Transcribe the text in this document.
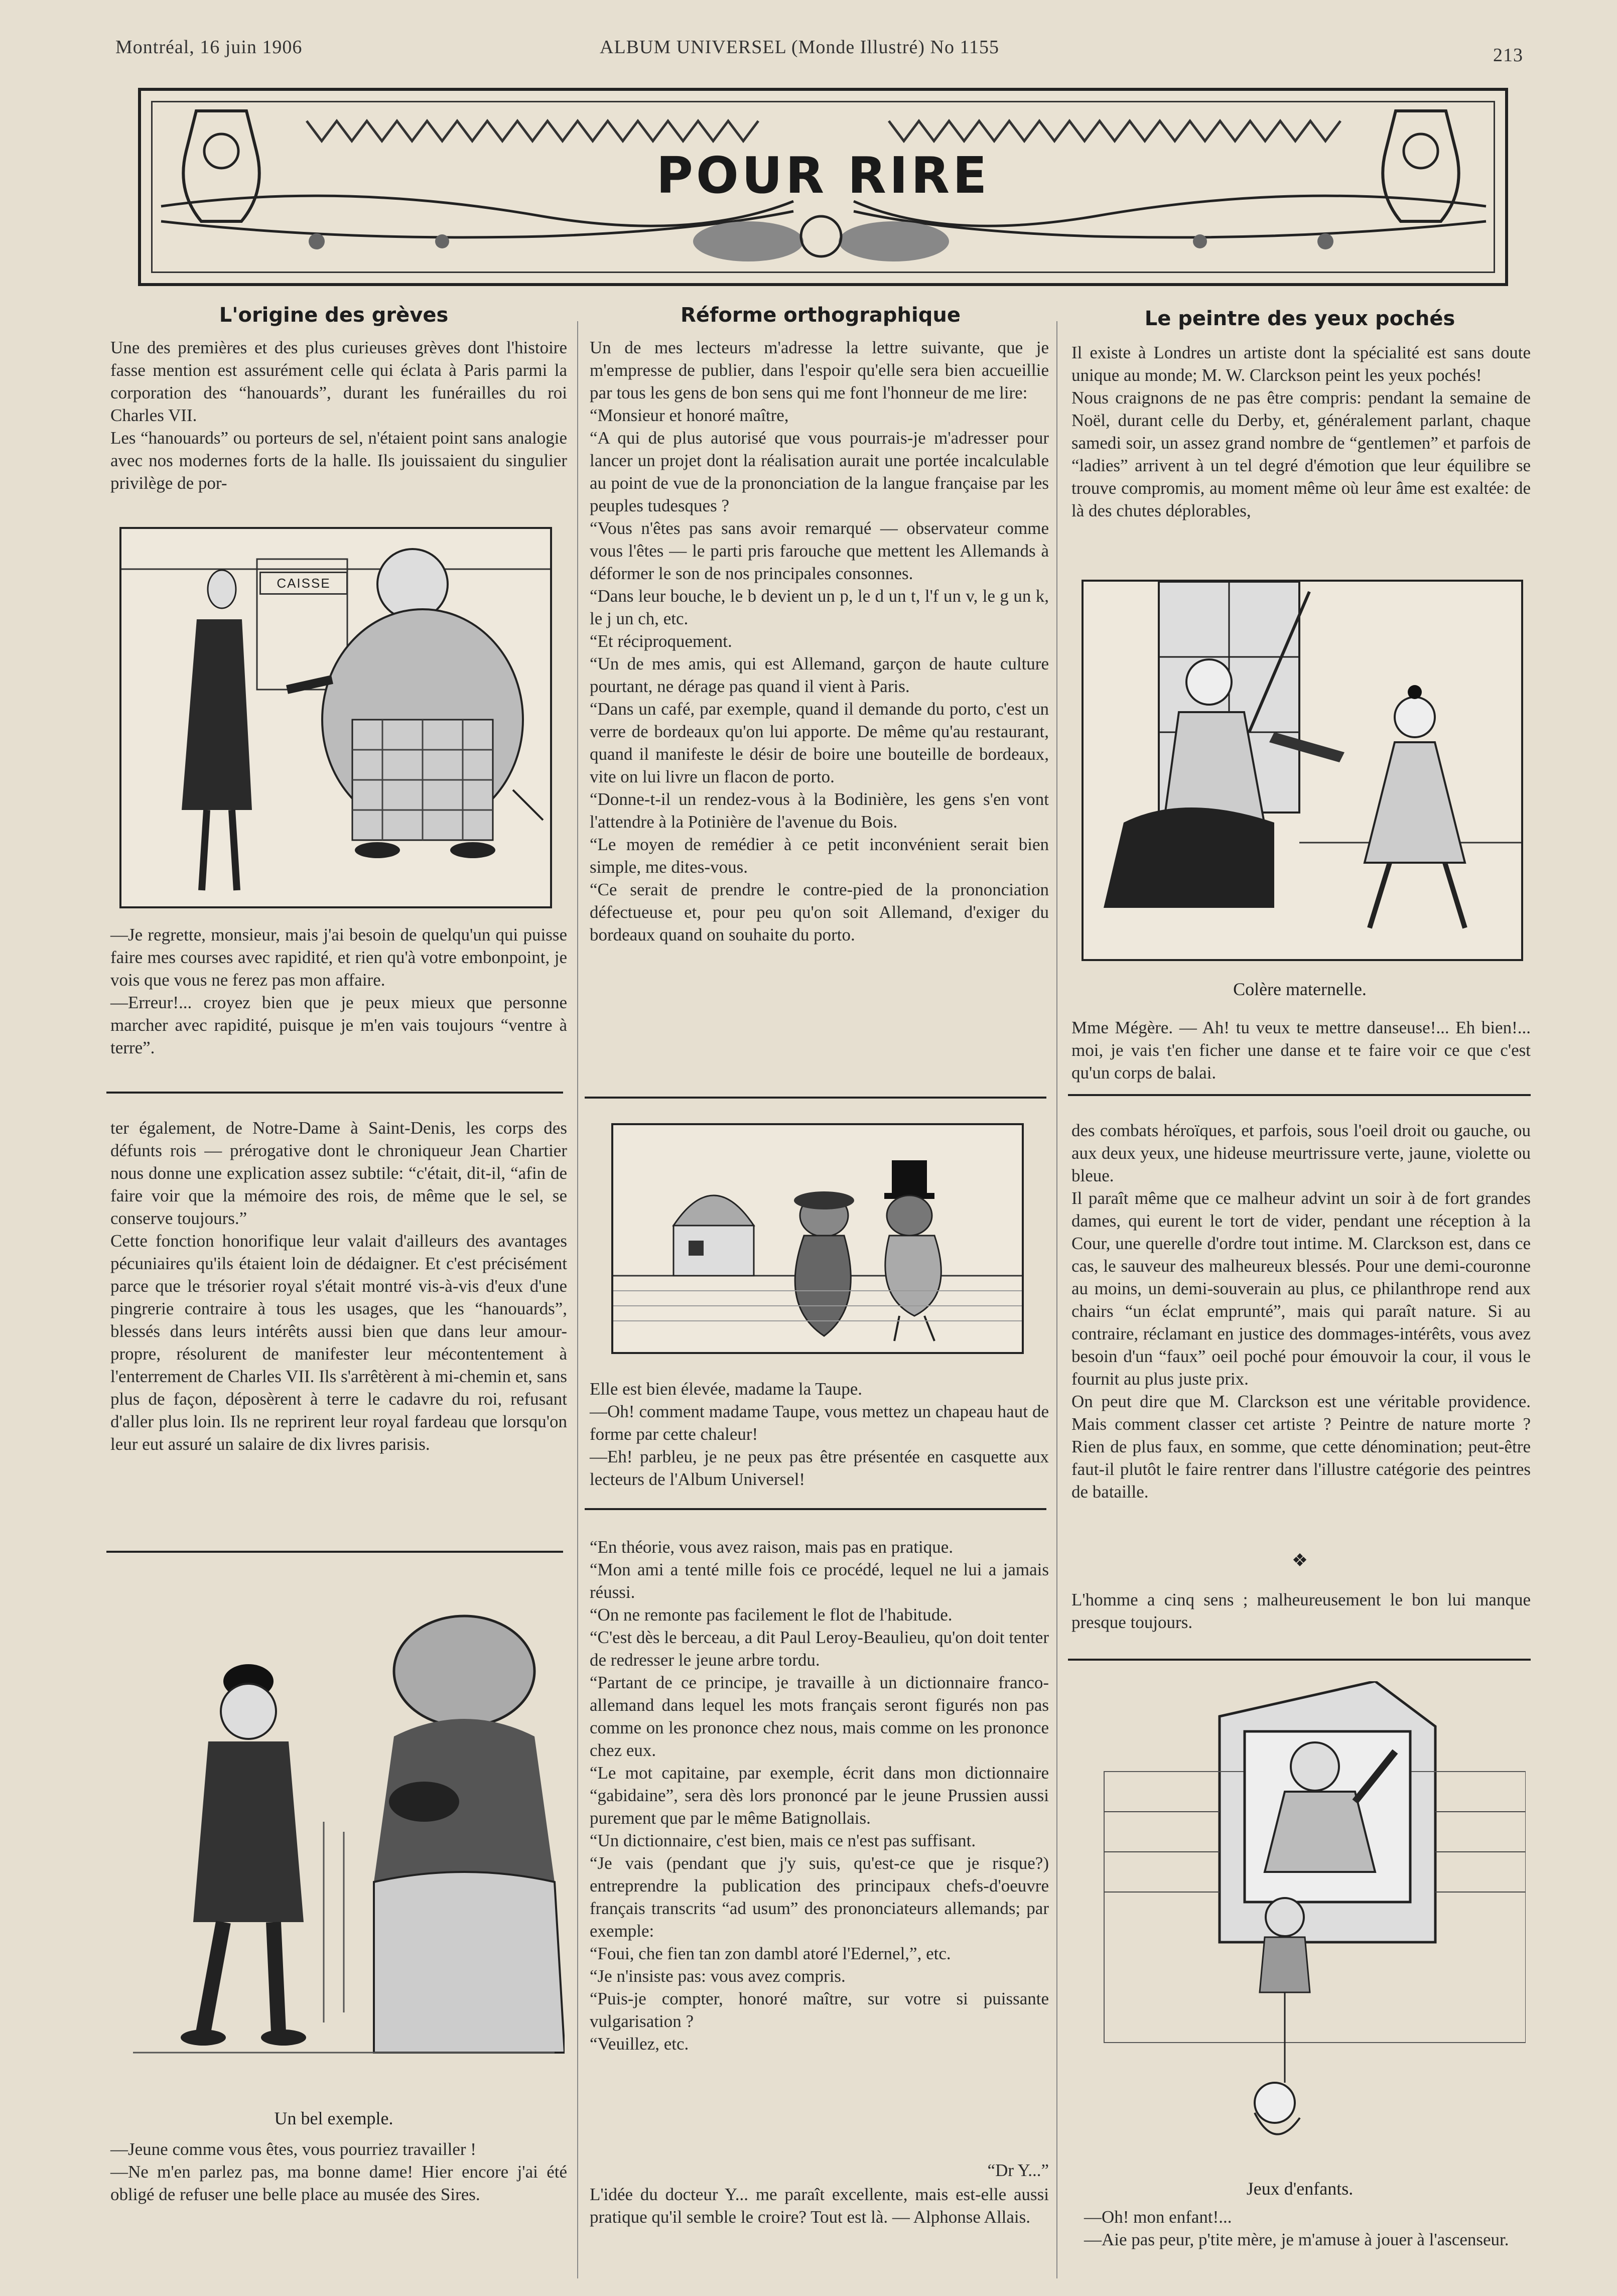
Montréal, 16 juin 1906	ALBUM UNIVERSEL (Monde Illustré) No 1155	213
POUR RIRE
L'origine des grèves
Une des premières et des plus curieuses grèves dont l'histoire fasse mention est assurément celle qui éclata à Paris parmi la corporation des “hanouards”, durant les funérailles du roi Charles VII.
Les “hanouards” ou porteurs de sel, n'étaient point sans analogie avec nos modernes forts de la halle. Ils jouissaient du singulier privilège de por-
CAISSE
—Je regrette, monsieur, mais j'ai besoin de quelqu'un qui puisse faire mes courses avec rapidité, et rien qu'à votre embonpoint, je vois que vous ne ferez pas mon affaire.
—Erreur!... croyez bien que je peux mieux que personne marcher avec rapidité, puisque je m'en vais toujours “ventre à terre”.
ter également, de Notre-Dame à Saint-Denis, les corps des défunts rois — prérogative dont le chroniqueur Jean Chartier nous donne une explication assez subtile: “c'était, dit-il, “afin de faire voir que la mémoire des rois, de même que le sel, se conserve toujours.”
Cette fonction honorifique leur valait d'ailleurs des avantages pécuniaires qu'ils étaient loin de dédaigner. Et c'est précisément parce que le trésorier royal s'était montré vis-à-vis d'eux d'une pingrerie contraire à tous les usages, que les “hanouards”, blessés dans leurs intérêts aussi bien que dans leur amour-propre, résolurent de manifester leur mécontentement à l'enterrement de Charles VII. Ils s'arrêtèrent à mi-chemin et, sans plus de façon, déposèrent à terre le cadavre du roi, refusant d'aller plus loin. Ils ne reprirent leur royal fardeau que lorsqu'on leur eut assuré un salaire de dix livres parisis.
Un bel exemple.
—Jeune comme vous êtes, vous pourriez travailler !
—Ne m'en parlez pas, ma bonne dame! Hier encore j'ai été obligé de refuser une belle place au musée des Sires.
Réforme orthographique
Un de mes lecteurs m'adresse la lettre suivante, que je m'empresse de publier, dans l'espoir qu'elle sera bien accueillie par tous les gens de bon sens qui me font l'honneur de me lire:
“Monsieur et honoré maître,
“A qui de plus autorisé que vous pourrais-je m'adresser pour lancer un projet dont la réalisation aurait une portée incalculable au point de vue de la prononciation de la langue française par les peuples tudesques ?
“Vous n'êtes pas sans avoir remarqué — observateur comme vous l'êtes — le parti pris farouche que mettent les Allemands à déformer le son de nos principales consonnes.
“Dans leur bouche, le b devient un p, le d un t, l'f un v, le g un k, le j un ch, etc.
“Et réciproquement.
“Un de mes amis, qui est Allemand, garçon de haute culture pourtant, ne dérage pas quand il vient à Paris.
“Dans un café, par exemple, quand il demande du porto, c'est un verre de bordeaux qu'on lui apporte. De même qu'au restaurant, quand il manifeste le désir de boire une bouteille de bordeaux, vite on lui livre un flacon de porto.
“Donne-t-il un rendez-vous à la Bodinière, les gens s'en vont l'attendre à la Potinière de l'avenue du Bois.
“Le moyen de remédier à ce petit inconvénient serait bien simple, me dites-vous.
“Ce serait de prendre le contre-pied de la prononciation défectueuse et, pour peu qu'on soit Allemand, d'exiger du bordeaux quand on souhaite du porto.
Elle est bien élevée, madame la Taupe.
—Oh! comment madame Taupe, vous mettez un chapeau haut de forme par cette chaleur!
—Eh! parbleu, je ne peux pas être présentée en casquette aux lecteurs de l'Album Universel!
“En théorie, vous avez raison, mais pas en pratique.
“Mon ami a tenté mille fois ce procédé, lequel ne lui a jamais réussi.
“On ne remonte pas facilement le flot de l'habitude.
“C'est dès le berceau, a dit Paul Leroy-Beaulieu, qu'on doit tenter de redresser le jeune arbre tordu.
“Partant de ce principe, je travaille à un dictionnaire franco-allemand dans lequel les mots français seront figurés non pas comme on les prononce chez nous, mais comme on les prononce chez eux.
“Le mot capitaine, par exemple, écrit dans mon dictionnaire “gabidaine”, sera dès lors prononcé par le jeune Prussien aussi purement que par le même Batignollais.
“Un dictionnaire, c'est bien, mais ce n'est pas suffisant.
“Je vais (pendant que j'y suis, qu'est-ce que je risque?) entreprendre la publication des principaux chefs-d'oeuvre français transcrits “ad usum” des prononciateurs allemands; par exemple:
“Foui, che fien tan zon dambl atoré l'Edernel,”, etc.
“Je n'insiste pas: vous avez compris.
“Puis-je compter, honoré maître, sur votre si puissante vulgarisation ?
“Veuillez, etc.
“Dr Y...”
L'idée du docteur Y... me paraît excellente, mais est-elle aussi pratique qu'il semble le croire? Tout est là. — Alphonse Allais.
Le peintre des yeux pochés
Il existe à Londres un artiste dont la spécialité est sans doute unique au monde; M. W. Clarckson peint les yeux pochés!
Nous craignons de ne pas être compris: pendant la semaine de Noël, durant celle du Derby, et, généralement parlant, chaque samedi soir, un assez grand nombre de “gentlemen” et parfois de “ladies” arrivent à un tel degré d'émotion que leur équilibre se trouve compromis, au moment même où leur âme est exaltée: de là des chutes déplorables,
Colère maternelle.
Mme Mégère. — Ah! tu veux te mettre danseuse!... Eh bien!... moi, je vais t'en ficher une danse et te faire voir ce que c'est qu'un corps de balai.
des combats héroïques, et parfois, sous l'oeil droit ou gauche, ou aux deux yeux, une hideuse meurtrissure verte, jaune, violette ou bleue.
Il paraît même que ce malheur advint un soir à de fort grandes dames, qui eurent le tort de vider, pendant une réception à la Cour, une querelle d'ordre tout intime. M. Clarckson est, dans ce cas, le sauveur des malheureux blessés. Pour une demi-couronne au moins, un demi-souverain au plus, ce philanthrope rend aux chairs “un éclat emprunté”, mais qui paraît nature. Si au contraire, réclamant en justice des dommages-intérêts, vous avez besoin d'un “faux” oeil poché pour émouvoir la cour, il vous le fournit au plus juste prix.
On peut dire que M. Clarckson est une véritable providence. Mais comment classer cet artiste ? Peintre de nature morte ? Rien de plus faux, en somme, que cette dénomination; peut-être faut-il plutôt le faire rentrer dans l'illustre catégorie des peintres de bataille.
❖
L'homme a cinq sens ; malheureusement le bon lui manque presque toujours.
Jeux d'enfants.
—Oh! mon enfant!...
—Aie pas peur, p'tite mère, je m'amuse à jouer à l'ascenseur.
